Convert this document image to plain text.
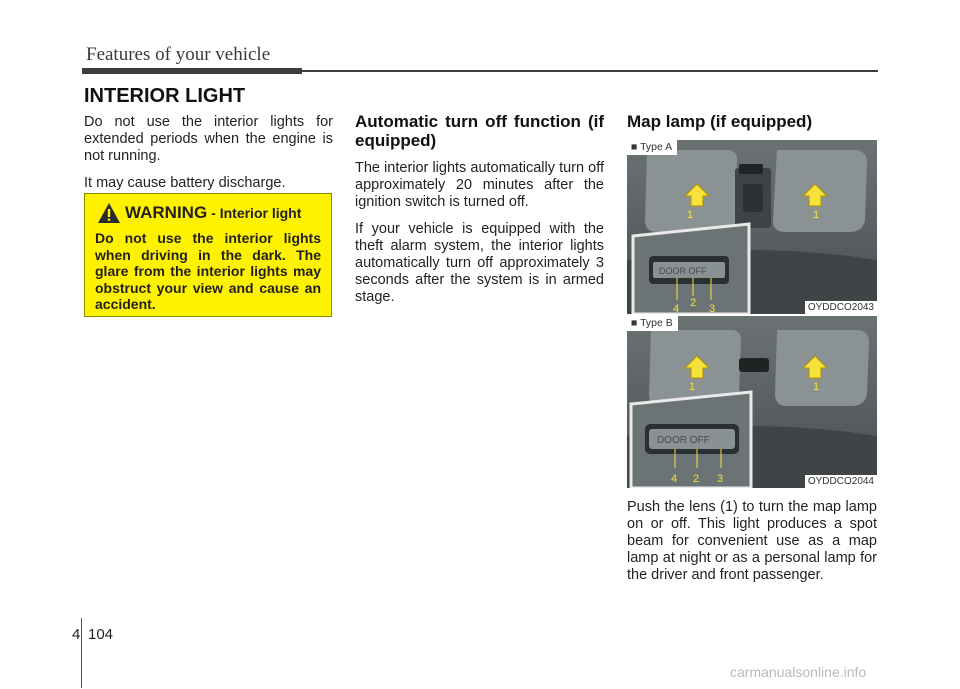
Features of your vehicle
INTERIOR LIGHT

Do not use the interior lights for extended periods when the engine is not running.

It may cause battery discharge.

WARNING - Interior light
Do not use the interior lights when driving in the dark. The glare from the interior lights may obstruct your view and cause an accident.
Automatic turn off function (if equipped)

The interior lights automatically turn off approximately 20 minutes after the ignition switch is turned off.

If your vehicle is equipped with the theft alarm system, the interior lights automatically turn off approximately 3 seconds after the system is in armed stage.

Map lamp (if equipped)
1	1
DOOR OFF
4 2 3
■ Type A
OYDDCO2043
1	1
DOOR OFF
4 2 3
■ Type B
OYDDCO2044
Push the lens (1) to turn the map lamp on or off. This light produces a spot beam for convenient use as a map lamp at night or as a personal lamp for the driver and front passenger.
4 104
carmanualsonline.info
